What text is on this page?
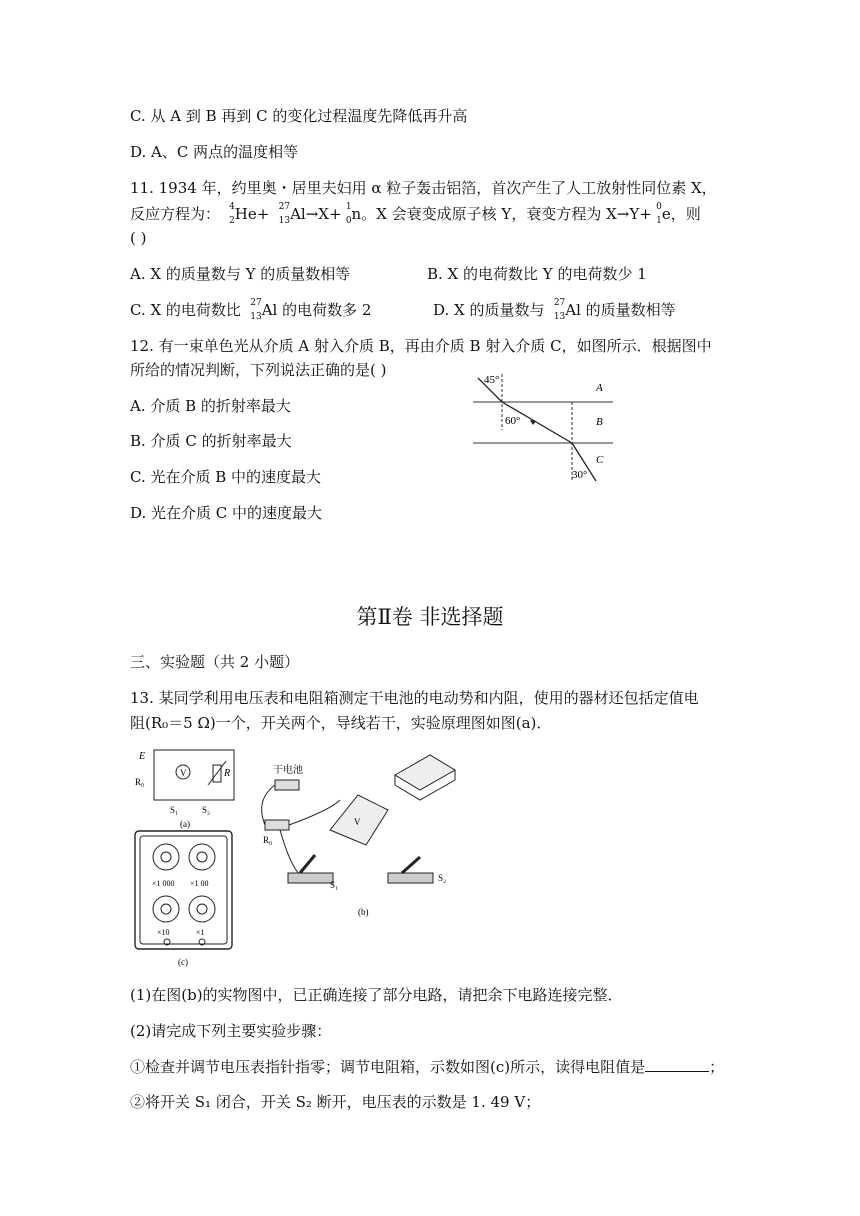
C. 从 A 到 B 再到 C 的变化过程温度先降低再升高
D. A、C 两点的温度相等
11. 1934 年，约里奥・居里夫妇用 α 粒子轰击铝箔，首次产生了人工放射性同位素 X，
反应方程为： 4
2 He+ 27
13 Al→X+ 1
0 n。X 会衰变成原子核 Y，衰变方程为 X→Y+ 0
1 e，则
( )
A. X 的质量数与 Y 的质量数相等	B. X 的电荷数比 Y 的电荷数少 1
C. X 的电荷数比 27
13 Al 的电荷数多 2	D. X 的质量数与 27
13 Al 的质量数相等
12. 有一束单色光从介质 A 射入介质 B，再由介质 B 射入介质 C，如图所示．根据图中
所给的情况判断，下列说法正确的是( )
A. 介质 B 的折射率最大
B. 介质 C 的折射率最大
C. 光在介质 B 中的速度最大
D. 光在介质 C 中的速度最大
45°
60°
30°
A
B
C
第Ⅱ卷 非选择题
三、实验题（共 2 小题）
13. 某同学利用电压表和电阻箱测定干电池的电动势和内阻，使用的器材还包括定值电
阻(R₀＝5 Ω)一个，开关两个，导线若干，实验原理图如图(a)．
E
R₀
V	R
S₁	S₂
(a)
×1 000 ×1 00
×10	×1
(c)
干电池
R₀
V
S₁
S₂
(b)
(1)在图(b)的实物图中，已正确连接了部分电路，请把余下电路连接完整．
(2)请完成下列主要实验步骤：
①检查并调节电压表指针指零；调节电阻箱，示数如图(c)所示，读得电阻值是	；
②将开关 S₁ 闭合，开关 S₂ 断开，电压表的示数是 1. 49 V；
